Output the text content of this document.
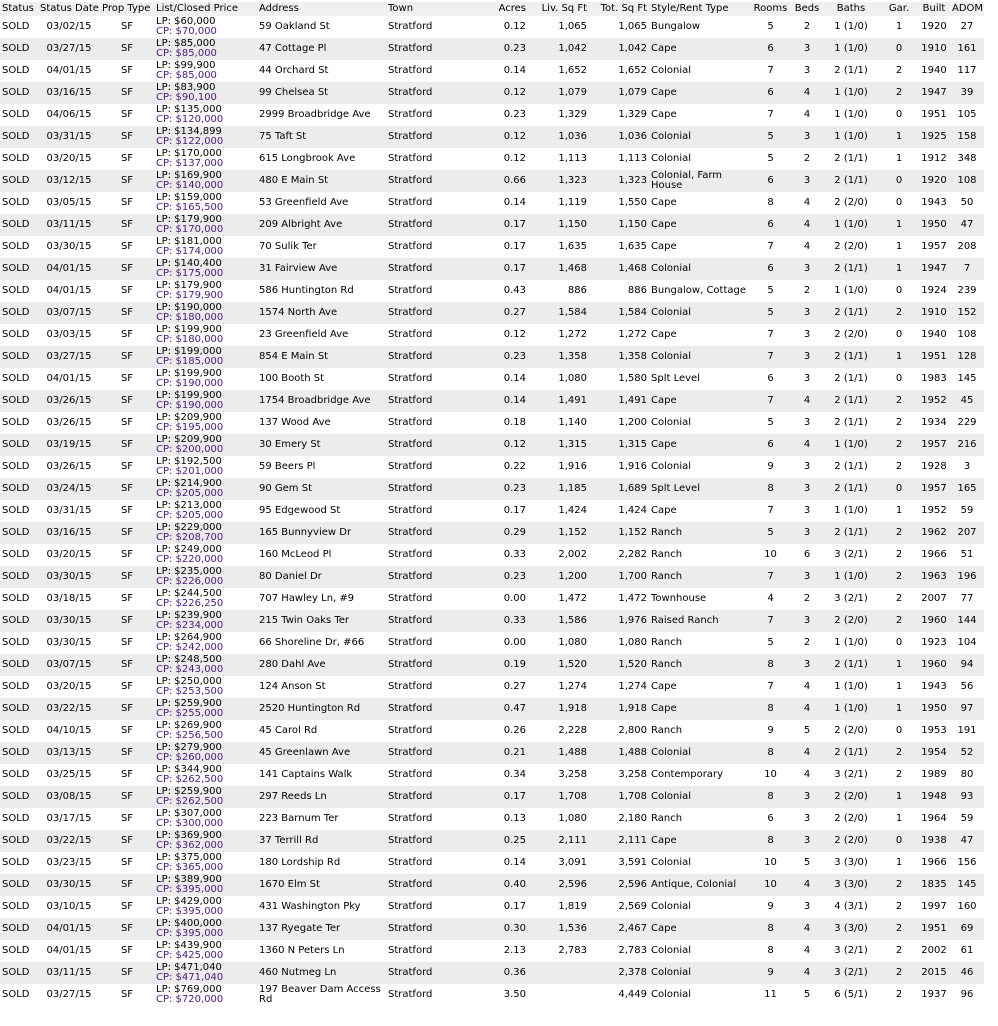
Status	Status Date	Prop Type	List/Closed Price	Address	Town	Acres	Liv. Sq Ft	Tot. Sq Ft	Style/Rent Type	Rooms	Beds	Baths	Gar.	Built	ADOM
SOLD	03/02/15	SF	LP: $60,000
CP: $70,000	59 Oakland St	Stratford	0.12	1,065	1,065	Bungalow	5	2	1 (1/0)	1	1920	27
SOLD	03/27/15	SF	LP: $85,000
CP: $85,000	47 Cottage Pl	Stratford	0.23	1,042	1,042	Cape	6	3	1 (1/0)	0	1910	161
SOLD	04/01/15	SF	LP: $99,900
CP: $85,000	44 Orchard St	Stratford	0.14	1,652	1,652	Colonial	7	3	2 (1/1)	2	1940	117
SOLD	03/16/15	SF	LP: $83,900
CP: $90,100	99 Chelsea St	Stratford	0.12	1,079	1,079	Cape	6	4	1 (1/0)	2	1947	39
SOLD	04/06/15	SF	LP: $135,000
CP: $120,000	2999 Broadbridge Ave	Stratford	0.23	1,329	1,329	Cape	7	4	1 (1/0)	0	1951	105
SOLD	03/31/15	SF	LP: $134,899
CP: $122,000	75 Taft St	Stratford	0.12	1,036	1,036	Colonial	5	3	1 (1/0)	1	1925	158
SOLD	03/20/15	SF	LP: $170,000
CP: $137,000	615 Longbrook Ave	Stratford	0.12	1,113	1,113	Colonial	5	2	2 (1/1)	1	1912	348
SOLD	03/12/15	SF	LP: $169,900
CP: $140,000	480 E Main St	Stratford	0.66	1,323	1,323	Colonial, Farm House	6	3	2 (1/1)	0	1920	108
SOLD	03/05/15	SF	LP: $159,000
CP: $165,500	53 Greenfield Ave	Stratford	0.14	1,119	1,550	Cape	8	4	2 (2/0)	0	1943	50
SOLD	03/11/15	SF	LP: $179,900
CP: $170,000	209 Albright Ave	Stratford	0.17	1,150	1,150	Cape	6	4	1 (1/0)	1	1950	47
SOLD	03/30/15	SF	LP: $181,000
CP: $174,000	70 Sulik Ter	Stratford	0.17	1,635	1,635	Cape	7	4	2 (2/0)	1	1957	208
SOLD	04/01/15	SF	LP: $140,400
CP: $175,000	31 Fairview Ave	Stratford	0.17	1,468	1,468	Colonial	6	3	2 (1/1)	1	1947	7
SOLD	04/01/15	SF	LP: $179,900
CP: $179,900	586 Huntington Rd	Stratford	0.43	886	886	Bungalow, Cottage	5	2	1 (1/0)	0	1924	239
SOLD	03/07/15	SF	LP: $190,000
CP: $180,000	1574 North Ave	Stratford	0.27	1,584	1,584	Colonial	5	3	2 (1/1)	2	1910	152
SOLD	03/03/15	SF	LP: $199,900
CP: $180,000	23 Greenfield Ave	Stratford	0.12	1,272	1,272	Cape	7	3	2 (2/0)	0	1940	108
SOLD	03/27/15	SF	LP: $199,000
CP: $185,000	854 E Main St	Stratford	0.23	1,358	1,358	Colonial	7	3	2 (1/1)	1	1951	128
SOLD	04/01/15	SF	LP: $199,900
CP: $190,000	100 Booth St	Stratford	0.14	1,080	1,580	Splt Level	6	3	2 (1/1)	0	1983	145
SOLD	03/26/15	SF	LP: $199,900
CP: $190,000	1754 Broadbridge Ave	Stratford	0.14	1,491	1,491	Cape	7	4	2 (1/1)	2	1952	45
SOLD	03/26/15	SF	LP: $209,900
CP: $195,000	137 Wood Ave	Stratford	0.18	1,140	1,200	Colonial	5	3	2 (1/1)	2	1934	229
SOLD	03/19/15	SF	LP: $209,900
CP: $200,000	30 Emery St	Stratford	0.12	1,315	1,315	Cape	6	4	1 (1/0)	2	1957	216
SOLD	03/26/15	SF	LP: $192,500
CP: $201,000	59 Beers Pl	Stratford	0.22	1,916	1,916	Colonial	9	3	2 (1/1)	2	1928	3
SOLD	03/24/15	SF	LP: $214,900
CP: $205,000	90 Gem St	Stratford	0.23	1,185	1,689	Splt Level	8	3	2 (1/1)	0	1957	165
SOLD	03/31/15	SF	LP: $213,000
CP: $205,000	95 Edgewood St	Stratford	0.17	1,424	1,424	Cape	7	3	1 (1/0)	1	1952	59
SOLD	03/16/15	SF	LP: $229,000
CP: $208,700	165 Bunnyview Dr	Stratford	0.29	1,152	1,152	Ranch	5	3	2 (1/1)	2	1962	207
SOLD	03/20/15	SF	LP: $249,000
CP: $220,000	160 McLeod Pl	Stratford	0.33	2,002	2,282	Ranch	10	6	3 (2/1)	2	1966	51
SOLD	03/30/15	SF	LP: $235,000
CP: $226,000	80 Daniel Dr	Stratford	0.23	1,200	1,700	Ranch	7	3	1 (1/0)	2	1963	196
SOLD	03/18/15	SF	LP: $244,500
CP: $226,250	707 Hawley Ln, #9	Stratford	0.00	1,472	1,472	Townhouse	4	2	3 (2/1)	2	2007	77
SOLD	03/30/15	SF	LP: $239,900
CP: $234,000	215 Twin Oaks Ter	Stratford	0.33	1,586	1,976	Raised Ranch	7	3	2 (2/0)	2	1960	144
SOLD	03/30/15	SF	LP: $264,900
CP: $242,000	66 Shoreline Dr, #66	Stratford	0.00	1,080	1,080	Ranch	5	2	1 (1/0)	0	1923	104
SOLD	03/07/15	SF	LP: $248,500
CP: $243,000	280 Dahl Ave	Stratford	0.19	1,520	1,520	Ranch	8	3	2 (1/1)	1	1960	94
SOLD	03/20/15	SF	LP: $250,000
CP: $253,500	124 Anson St	Stratford	0.27	1,274	1,274	Cape	7	4	1 (1/0)	1	1943	56
SOLD	03/22/15	SF	LP: $259,900
CP: $255,000	2520 Huntington Rd	Stratford	0.47	1,918	1,918	Cape	8	4	1 (1/0)	1	1950	97
SOLD	04/10/15	SF	LP: $269,900
CP: $256,500	45 Carol Rd	Stratford	0.26	2,228	2,800	Ranch	9	5	2 (2/0)	0	1953	191
SOLD	03/13/15	SF	LP: $279,900
CP: $260,000	45 Greenlawn Ave	Stratford	0.21	1,488	1,488	Colonial	8	4	2 (1/1)	2	1954	52
SOLD	03/25/15	SF	LP: $344,900
CP: $262,500	141 Captains Walk	Stratford	0.34	3,258	3,258	Contemporary	10	4	3 (2/1)	2	1989	80
SOLD	03/08/15	SF	LP: $259,900
CP: $262,500	297 Reeds Ln	Stratford	0.17	1,708	1,708	Colonial	8	3	2 (2/0)	1	1948	93
SOLD	03/17/15	SF	LP: $307,000
CP: $300,000	223 Barnum Ter	Stratford	0.13	1,080	2,180	Ranch	6	3	2 (2/0)	1	1964	59
SOLD	03/22/15	SF	LP: $369,900
CP: $362,000	37 Terrill Rd	Stratford	0.25	2,111	2,111	Cape	8	3	2 (2/0)	0	1938	47
SOLD	03/23/15	SF	LP: $375,000
CP: $365,000	180 Lordship Rd	Stratford	0.14	3,091	3,591	Colonial	10	5	3 (3/0)	1	1966	156
SOLD	03/30/15	SF	LP: $389,900
CP: $395,000	1670 Elm St	Stratford	0.40	2,596	2,596	Antique, Colonial	10	4	3 (3/0)	2	1835	145
SOLD	03/10/15	SF	LP: $429,000
CP: $395,000	431 Washington Pky	Stratford	0.17	1,819	2,569	Colonial	9	3	4 (3/1)	2	1997	160
SOLD	04/01/15	SF	LP: $400,000
CP: $395,000	137 Ryegate Ter	Stratford	0.30	1,536	2,467	Cape	8	4	3 (3/0)	2	1951	69
SOLD	04/01/15	SF	LP: $439,900
CP: $425,000	1360 N Peters Ln	Stratford	2.13	2,783	2,783	Colonial	8	4	3 (2/1)	2	2002	61
SOLD	03/11/15	SF	LP: $471,040
CP: $471,040	460 Nutmeg Ln	Stratford	0.36		2,378	Colonial	9	4	3 (2/1)	2	2015	46
SOLD	03/27/15	SF	LP: $769,000
CP: $720,000	197 Beaver Dam Access Rd	Stratford	3.50		4,449	Colonial	11	5	6 (5/1)	2	1937	96
